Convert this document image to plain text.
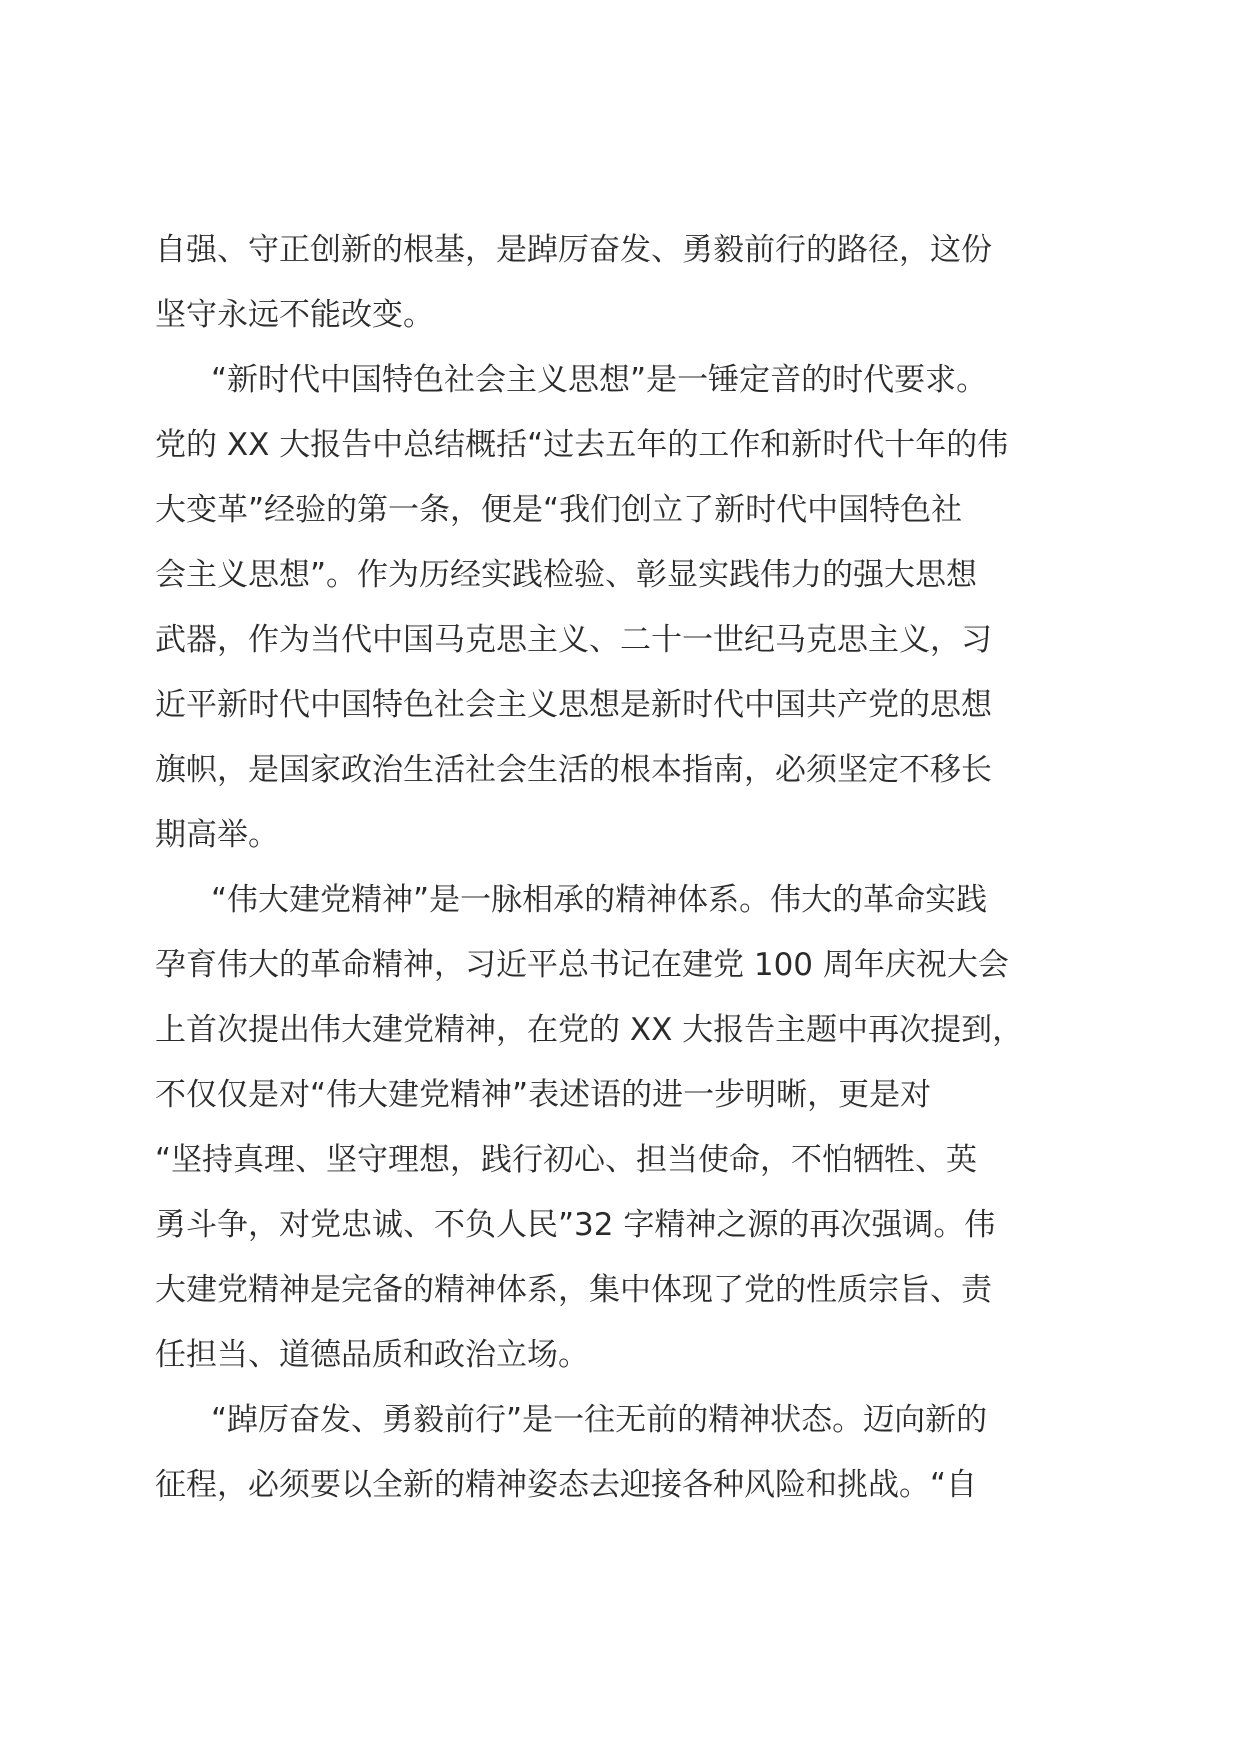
自强、守正创新的根基，是踔厉奋发、勇毅前行的路径，这份
坚守永远不能改变。
“新时代中国特色社会主义思想”是一锤定音的时代要求。
党的 XX 大报告中总结概括“过去五年的工作和新时代十年的伟
大变革”经验的第一条，便是“我们创立了新时代中国特色社
会主义思想”。作为历经实践检验、彰显实践伟力的强大思想
武器，作为当代中国马克思主义、二十一世纪马克思主义，习
近平新时代中国特色社会主义思想是新时代中国共产党的思想
旗帜，是国家政治生活社会生活的根本指南，必须坚定不移长
期高举。
“伟大建党精神”是一脉相承的精神体系。伟大的革命实践
孕育伟大的革命精神，习近平总书记在建党 100 周年庆祝大会
上首次提出伟大建党精神，在党的 XX 大报告主题中再次提到，
不仅仅是对“伟大建党精神”表述语的进一步明晰，更是对
“坚持真理、坚守理想，践行初心、担当使命，不怕牺牲、英
勇斗争，对党忠诚、不负人民”32 字精神之源的再次强调。伟
大建党精神是完备的精神体系，集中体现了党的性质宗旨、责
任担当、道德品质和政治立场。
“踔厉奋发、勇毅前行”是一往无前的精神状态。迈向新的
征程，必须要以全新的精神姿态去迎接各种风险和挑战。“自
